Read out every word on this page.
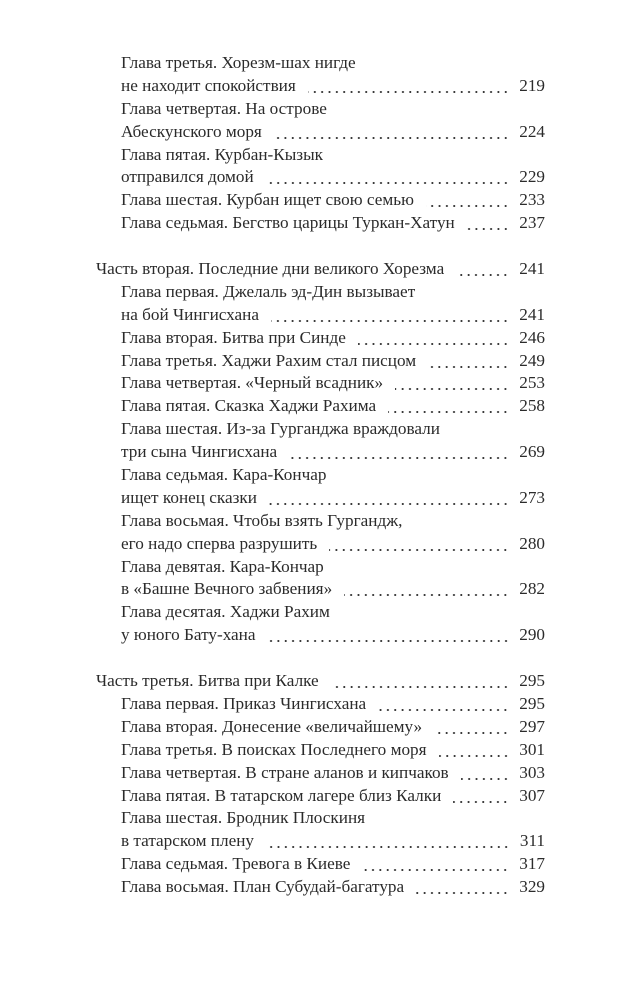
Глава третья. Хорезм-шах нигде
не находит спокойствия	219
Глава четвертая. На острове
Абескунского моря	224
Глава пятая. Курбан-Кызык
отправился домой	229
Глава шестая. Курбан ищет свою семью	233
Глава седьмая. Бегство царицы Туркан-Хатун	237
Часть вторая. Последние дни великого Хорезма	241
Глава первая. Джелаль эд-Дин вызывает
на бой Чингисхана	241
Глава вторая. Битва при Синде	246
Глава третья. Хаджи Рахим стал писцом	249
Глава четвертая. «Черный всадник»	253
Глава пятая. Сказка Хаджи Рахима	258
Глава шестая. Из-за Гурганджа враждовали
три сына Чингисхана	269
Глава седьмая. Кара-Кончар
ищет конец сказки	273
Глава восьмая. Чтобы взять Гургандж,
его надо сперва разрушить	280
Глава девятая. Кара-Кончар
в «Башне Вечного забвения»	282
Глава десятая. Хаджи Рахим
у юного Бату-хана	290
Часть третья. Битва при Калке	295
Глава первая. Приказ Чингисхана	295
Глава вторая. Донесение «величайшему»	297
Глава третья. В поисках Последнего моря	301
Глава четвертая. В стране аланов и кипчаков	303
Глава пятая. В татарском лагере близ Калки	307
Глава шестая. Бродник Плоскиня
в татарском плену	311
Глава седьмая. Тревога в Киеве	317
Глава восьмая. План Субудай-багатура	329
